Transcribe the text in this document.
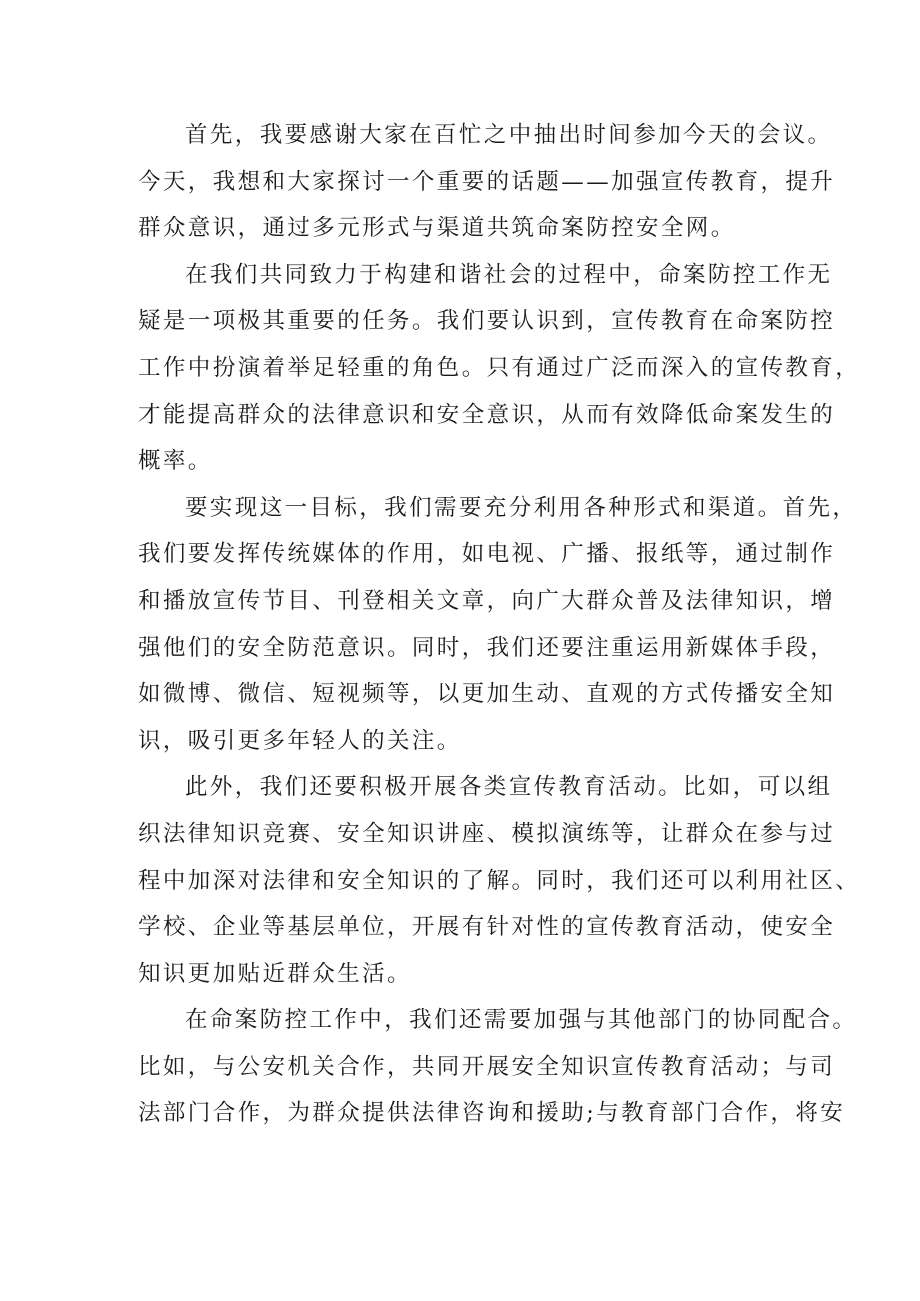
首先，我要感谢大家在百忙之中抽出时间参加今天的会议。
今天，我想和大家探讨一个重要的话题——加强宣传教育，提升
群众意识，通过多元形式与渠道共筑命案防控安全网。
在我们共同致力于构建和谐社会的过程中，命案防控工作无
疑是一项极其重要的任务。我们要认识到，宣传教育在命案防控
工作中扮演着举足轻重的角色。只有通过广泛而深入的宣传教育，
才能提高群众的法律意识和安全意识，从而有效降低命案发生的
概率。
要实现这一目标，我们需要充分利用各种形式和渠道。首先，
我们要发挥传统媒体的作用，如电视、广播、报纸等，通过制作
和播放宣传节目、刊登相关文章，向广大群众普及法律知识，增
强他们的安全防范意识。同时，我们还要注重运用新媒体手段，
如微博、微信、短视频等，以更加生动、直观的方式传播安全知
识，吸引更多年轻人的关注。
此外，我们还要积极开展各类宣传教育活动。比如，可以组
织法律知识竞赛、安全知识讲座、模拟演练等，让群众在参与过
程中加深对法律和安全知识的了解。同时，我们还可以利用社区、
学校、企业等基层单位，开展有针对性的宣传教育活动，使安全
知识更加贴近群众生活。
在命案防控工作中，我们还需要加强与其他部门的协同配合。
比如，与公安机关合作，共同开展安全知识宣传教育活动；与司
法部门合作，为群众提供法律咨询和援助;与教育部门合作，将安
